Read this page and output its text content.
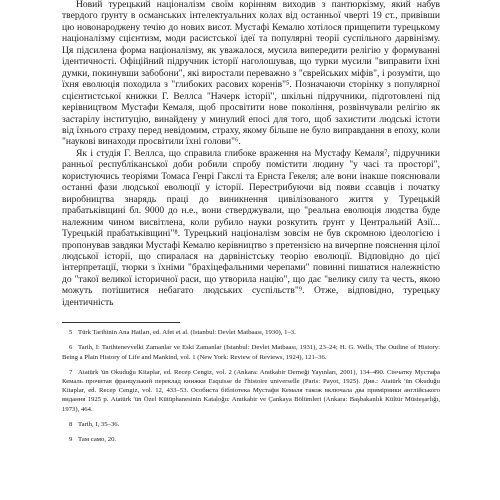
Новий турецький націоналізм своїм корінням виходив з пантюркізму, який набув твердого ґрунту в османських інтелектуальних колах від останньої чверті 19 ст., привівши цю новонароджену течію до нових висот. Мустафі Кемалю хотілося прищепити турецькому націоналізму сцієнтизм, моди расистської ідеї та популярні теорії суспільного дарвінізму. Ця підсилена форма націоналізму, як уважалося, мусила випередити релігію у формуванні ідентичності. Офіційний підручник історії наголошував, що турки мусили "виправити їхні думки, покинувши забобони", які виростали переважно з "єврейських міфів", і розуміти, що їхня еволюція походила з "глибоких расових коренів"⁵. Позначаючи сторінку з популярної сцієнтистської книжки Г. Веллса "Начерк історії", шкільні підручники, підготовлені під керівництвом Мустафи Кемаля, щоб просвітити нове покоління, розвінчували релігію як застарілу інституцію, винайдену у минулий епосі для того, щоб захистити людські істоти від їхнього страху перед невідомим, страху, якому більше не було виправдання в епоху, коли "наукові винаходи просвітили їхні голови"⁶.

Як і студія Г. Веллса, що справила глибоке враження на Мустафу Кемаля⁷, підручники ранньої республіканської доби робили спробу помістити людину "у часі та просторі", користуючись теоріями Томаса Генрі Гакслі та Ернста Гекеля; але вони інакше пояснювали останні фази людської еволюції у історії. Перестрибуючи від появи ссавців і початку виробництва знарядь праці до виникнення цивілізованого життя у Турецькій прабатьківщині бл. 9000 до н.е., вони стверджували, що "реальна еволюція людства буде належним чином висвітлена, коли рубило науки розкутить ґрунт у Центральній Азії... Турецькій прабатьківщині"⁸. Турецький націоналізм зовсім не був скромною ідеологією і пропонував завдяки Мустафі Кемалю керівництво з претензією на вичерпне пояснення цілої людської історії, що спиралася на дарвіністську теорію еволюції. Відповідно до цієї інтерпретації, тюрки з їхніми "брахіцефальними черепами" повинні пишатися належністю до "такої великої історичної раси, що утворила націю", що дає "велику силу та честь, якою можуть потішитися небагато людських суспільств"⁹. Отже, відповідно, турецьку ідентичність

5 Türk Tarihinin Ana Hatları, ed. Afet et al. (Istanbul: Devlet Matbaası, 1930), 1–3.
6 Tarih, I: Tarihtenevvelki Zamanlar ve Eski Zamanlar (Istanbul: Devlet Matbaası, 1931), 23–24; H. G. Wells, The Outline of History: Being a Plain History of Life and Mankind, vol. 1 (New York: Review of Reviews, 1924), 121–36.
7 Atatürk 'ün Okuduğu Kitaplar, ed. Recep Cengiz, vol. 2 (Ankara: Anıtkabir Derneği Yayınları, 2001), 134–490. Сінчатку Мустафа Кемаль прочитав французький переклад книжки Esquisse de l'histoire universelle (Paris: Payot, 1925). Див.: Atatürk 'ün Okuduğu Kitaplar, ed. Recep Cengiz, vol. 12, 433–53. Особиста бібліотека Мустафи Кемаля також включала два примірники англійського видання 1925 р. Atatürk 'ün Özel Kütüphanesinin Kataloğu: Anıtkabir ve Çankaya Bölümleri (Ankara: Başbakanlık Kültür Müsteşarlığı, 1973), 464.
8 Tarih, I, 35–36.
9 Там само, 20.
